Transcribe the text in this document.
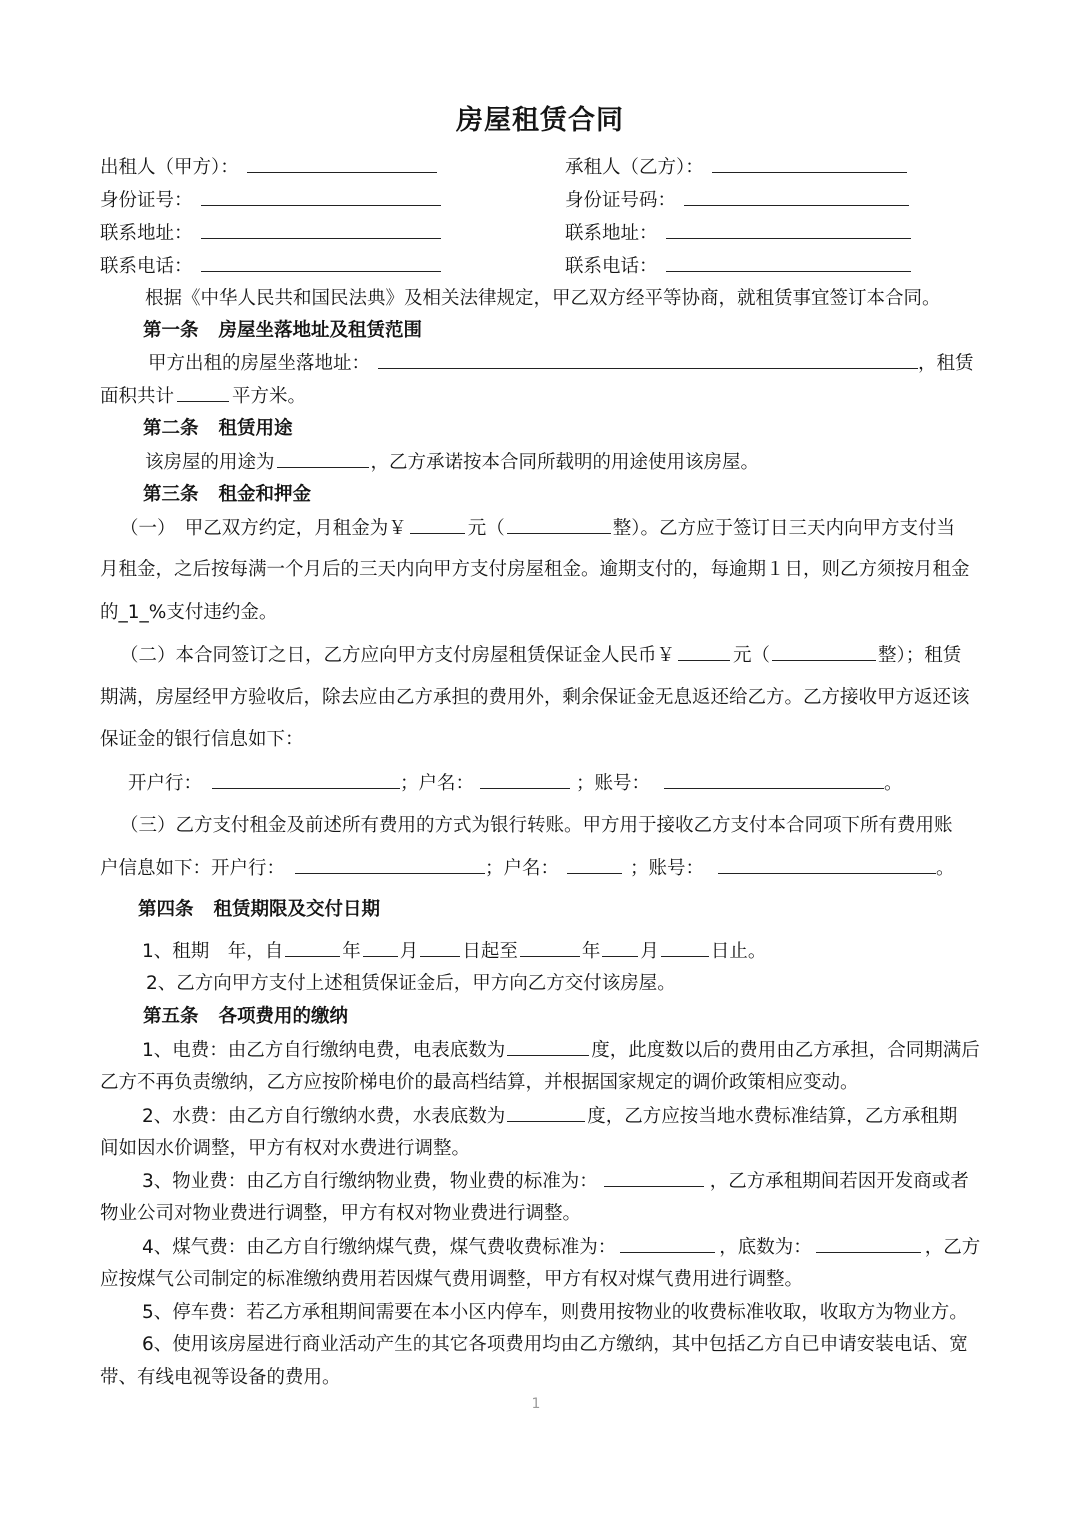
房屋租赁合同
出租人（甲方）：	承租人（乙方）：
身份证号：	身份证号码：
联系地址：	联系地址：
联系电话：	联系电话：
根据《中华人民共和国民法典》及相关法律规定，甲乙双方经平等协商，就租赁事宜签订本合同。
第一条 房屋坐落地址及租赁范围
甲方出租的房屋坐落地址：	，租赁
面积共计	平方米。
第二条 租赁用途
该房屋的用途为	，乙方承诺按本合同所载明的用途使用该房屋。
第三条 租金和押金
（一）　甲乙双方约定，月租金为￥	元（	整）。乙方应于签订日三天内向甲方支付当
月租金，之后按每满一个月后的三天内向甲方支付房屋租金。逾期支付的，每逾期１日，则乙方须按月租金
的_1_%支付违约金。
（二）本合同签订之日，乙方应向甲方支付房屋租赁保证金人民币￥	元（	整）；租赁
期满，房屋经甲方验收后，除去应由乙方承担的费用外，剩余保证金无息返还给乙方。乙方接收甲方返还该
保证金的银行信息如下：
开户行：	；户名：	；账号：	。
（三）乙方支付租金及前述所有费用的方式为银行转账。甲方用于接收乙方支付本合同项下所有费用账
户信息如下：开户行：	；户名：	；账号：	。
第四条 租赁期限及交付日期
1、租期　年，自	年 月 日起至	年 月	日止。
2、乙方向甲方支付上述租赁保证金后，甲方向乙方交付该房屋。
第五条 各项费用的缴纳
1、电费：由乙方自行缴纳电费，电表底数为	度，此度数以后的费用由乙方承担，合同期满后
乙方不再负责缴纳，乙方应按阶梯电价的最高档结算，并根据国家规定的调价政策相应变动。
2、水费：由乙方自行缴纳水费，水表底数为	度，乙方应按当地水费标准结算，乙方承租期
间如因水价调整，甲方有权对水费进行调整。
3、物业费：由乙方自行缴纳物业费，物业费的标准为：	，乙方承租期间若因开发商或者
物业公司对物业费进行调整，甲方有权对物业费进行调整。
4、煤气费：由乙方自行缴纳煤气费，煤气费收费标准为：	，底数为：	，乙方
应按煤气公司制定的标准缴纳费用若因煤气费用调整，甲方有权对煤气费用进行调整。
5、停车费：若乙方承租期间需要在本小区内停车，则费用按物业的收费标准收取，收取方为物业方。
6、使用该房屋进行商业活动产生的其它各项费用均由乙方缴纳，其中包括乙方自已申请安装电话、宽
带、有线电视等设备的费用。
1
